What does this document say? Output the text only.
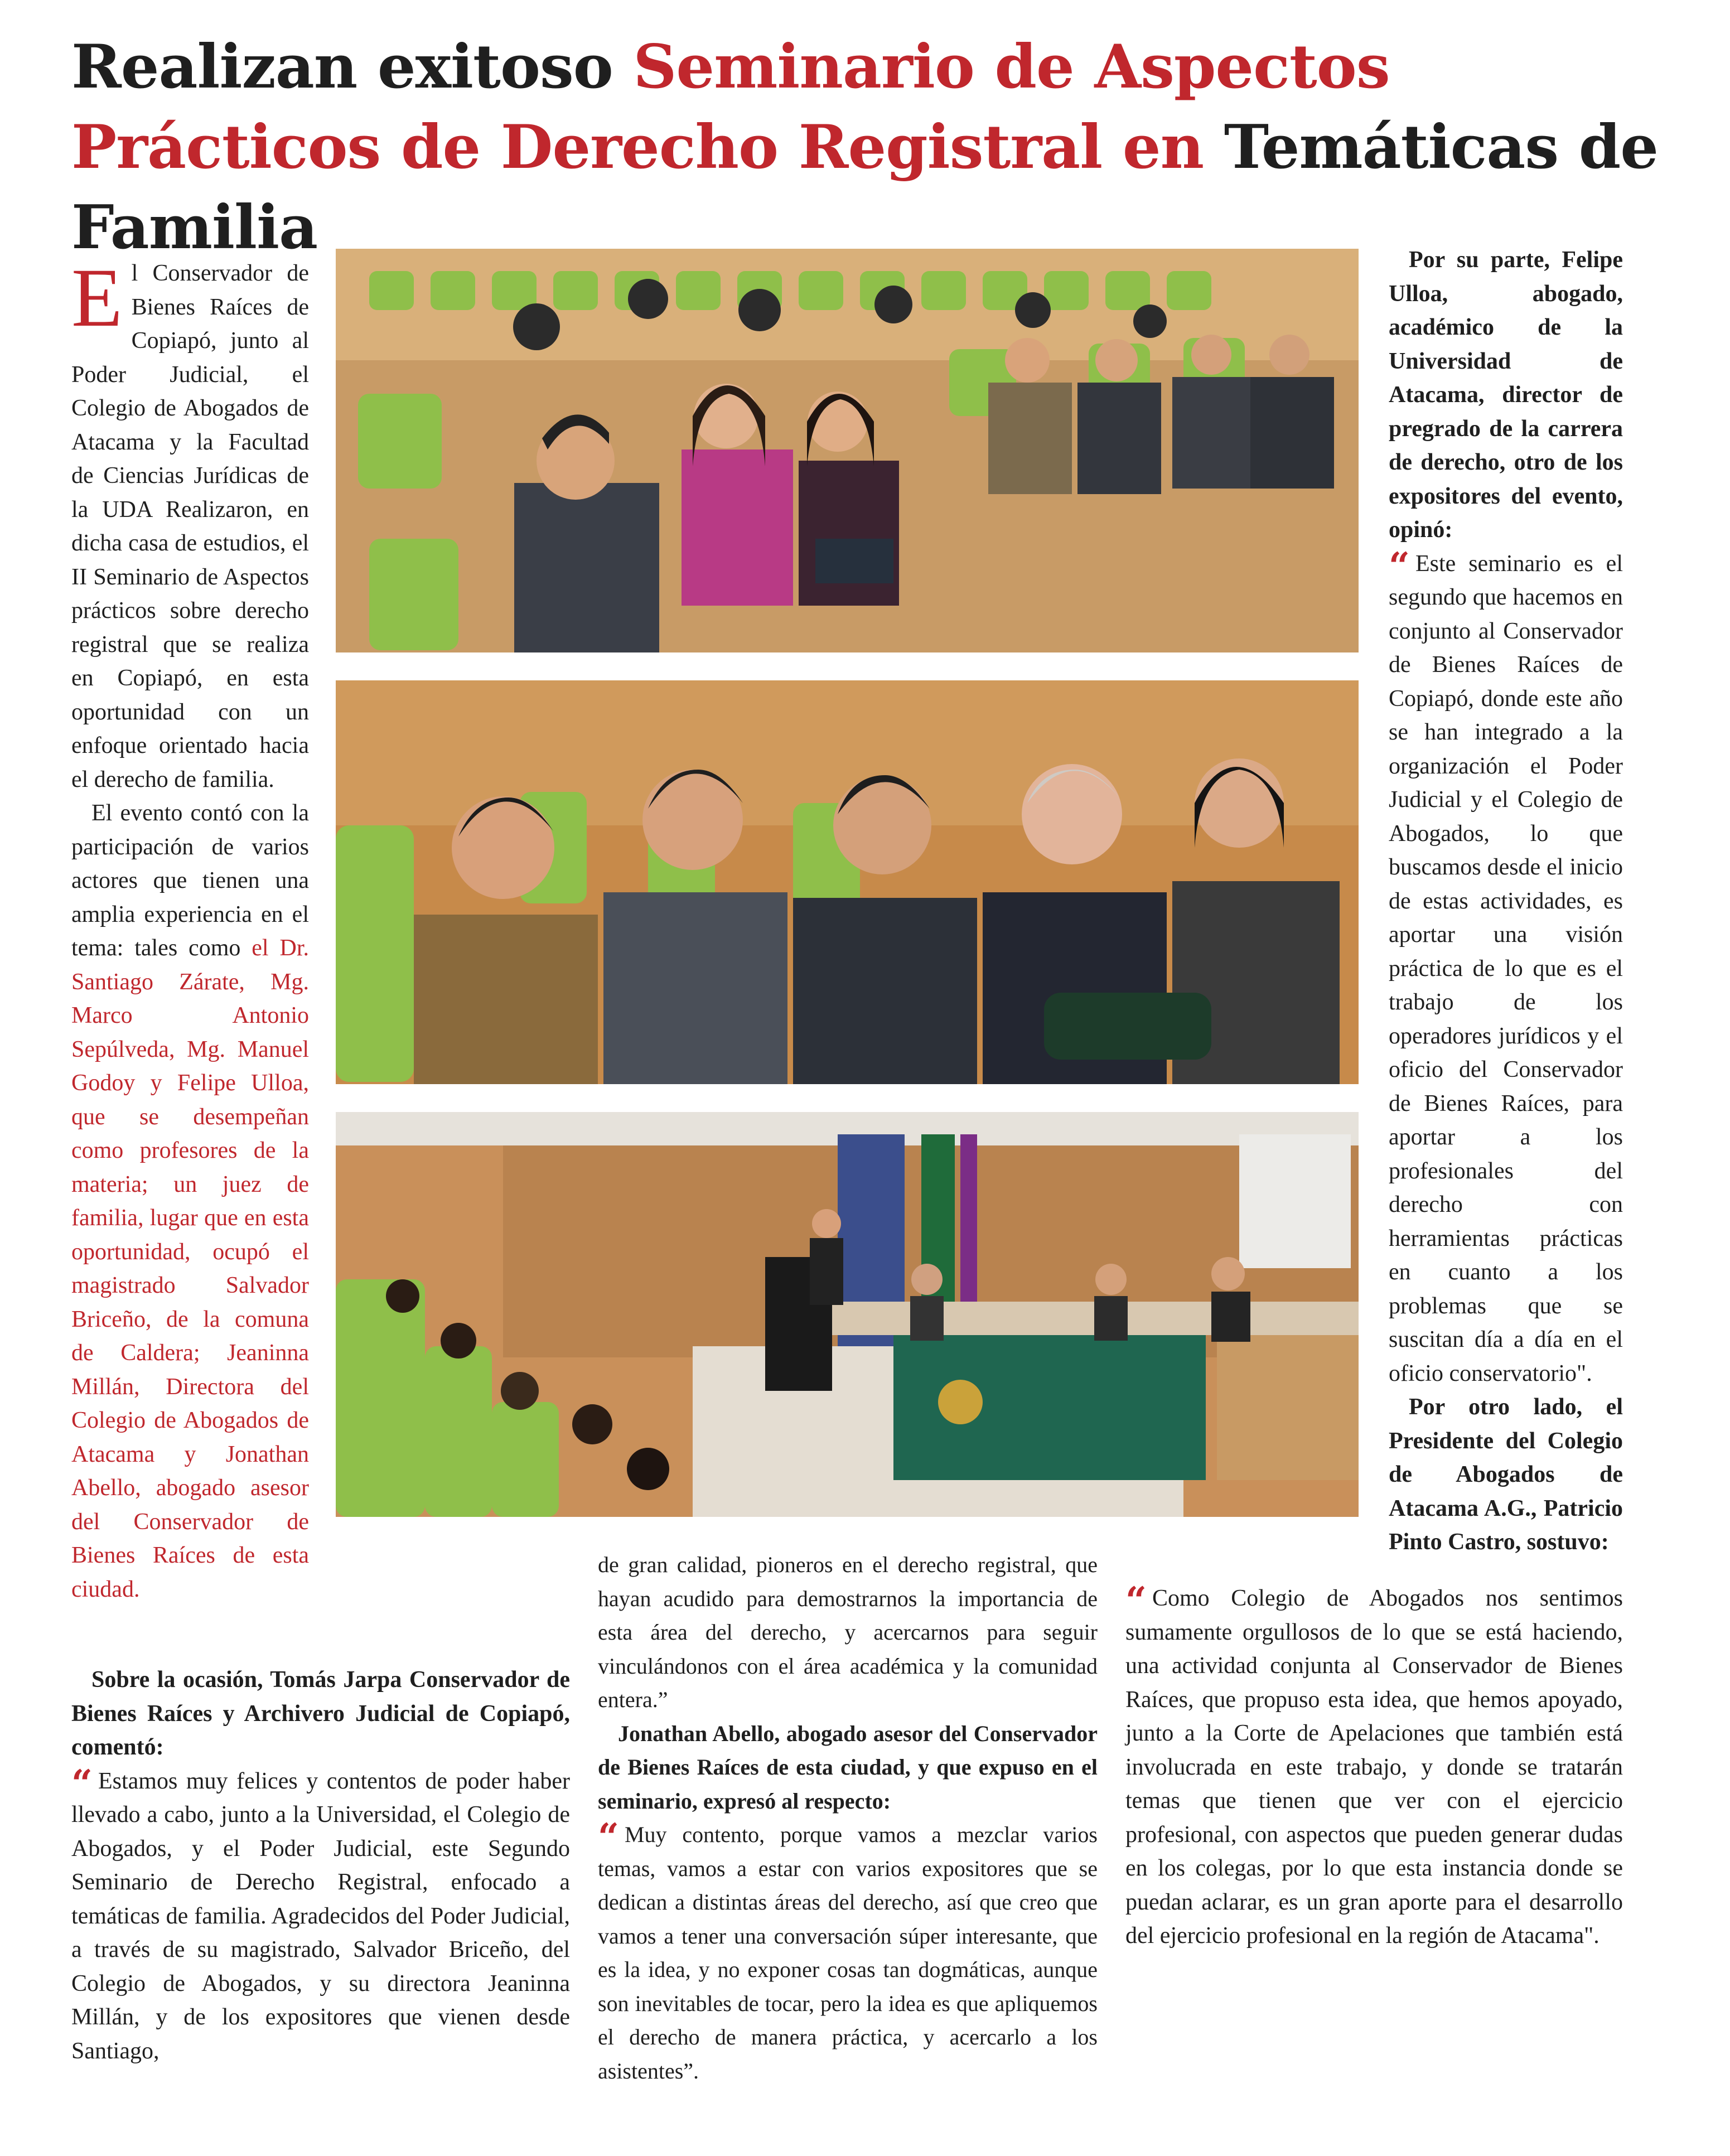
Realizan exitoso Seminario de Aspectos Prácticos de Derecho Registral en Temáticas de Familia

El Conservador de Bienes Raíces de Copiapó, junto al Poder Judicial, el Colegio de Abogados de Atacama y la Facultad de Ciencias Jurídicas de la UDA Realizaron, en dicha casa de estudios, el II Seminario de Aspectos prácticos sobre derecho registral que se realiza en Copiapó, en esta oportunidad con un enfoque orientado hacia el derecho de familia.

El evento contó con la participación de varios actores que tienen una amplia experiencia en el tema: tales como el Dr. Santiago Zárate, Mg. Marco Antonio Sepúlveda, Mg. Manuel Godoy y Felipe Ulloa, que se desempeñan como profesores de la materia; un juez de familia, lugar que en esta oportunidad, ocupó el magistrado Salvador Briceño, de la comuna de Caldera; Jeaninna Millán, Directora del Colegio de Abogados de Atacama y Jonathan Abello, abogado asesor del Conservador de Bienes Raíces de esta ciudad.

Sobre la ocasión, Tomás Jarpa Conservador de Bienes Raíces y Archivero Judicial de Copiapó, comentó:

“ Estamos muy felices y contentos de poder haber llevado a cabo, junto a la Universidad, el Colegio de Abogados, y el Poder Judicial, este Segundo Seminario de Derecho Registral, enfocado a temáticas de familia. Agradecidos del Poder Judicial, a través de su magistrado, Salvador Briceño, del Colegio de Abogados, y su directora Jeaninna Millán, y de los expositores que vienen desde Santiago,

de gran calidad, pioneros en el derecho registral, que hayan acudido para demostrarnos la importancia de esta área del derecho, y acercarnos para seguir vinculándonos con el área académica y la comunidad entera.”

Jonathan Abello, abogado asesor del Conservador de Bienes Raíces de esta ciudad, y que expuso en el seminario, expresó al respecto:

“ Muy contento, porque vamos a mezclar varios temas, vamos a estar con varios expositores que se dedican a distintas áreas del derecho, así que creo que vamos a tener una conversación súper interesante, que es la idea, y no exponer cosas tan dogmáticas, aunque son inevitables de tocar, pero la idea es que apliquemos el derecho de manera práctica, y acercarlo a los asistentes”.

Por su parte, Felipe Ulloa, abogado, académico de la Universidad de Atacama, director de pregrado de la carrera de derecho, otro de los expositores del evento, opinó:

“ Este seminario es el segundo que hacemos en conjunto al Conservador de Bienes Raíces de Copiapó, donde este año se han integrado a la organización el Poder Judicial y el Colegio de Abogados, lo que buscamos desde el inicio de estas actividades, es aportar una visión práctica de lo que es el trabajo de los operadores jurídicos y el oficio del Conservador de Bienes Raíces, para aportar a los profesionales del derecho con herramientas prácticas en cuanto a los problemas que se suscitan día a día en el oficio conservatorio".

Por otro lado, el Presidente del Colegio de Abogados de Atacama A.G., Patricio Pinto Castro, sostuvo:

“ Como Colegio de Abogados nos sentimos sumamente orgullosos de lo que se está haciendo, una actividad conjunta al Conservador de Bienes Raíces, que propuso esta idea, que hemos apoyado, junto a la Corte de Apelaciones que también está involucrada en este trabajo, y donde se tratarán temas que tienen que ver con el ejercicio profesional, con aspectos que pueden generar dudas en los colegas, por lo que esta instancia donde se puedan aclarar, es un gran aporte para el desarrollo del ejercicio profesional en la región de Atacama".
